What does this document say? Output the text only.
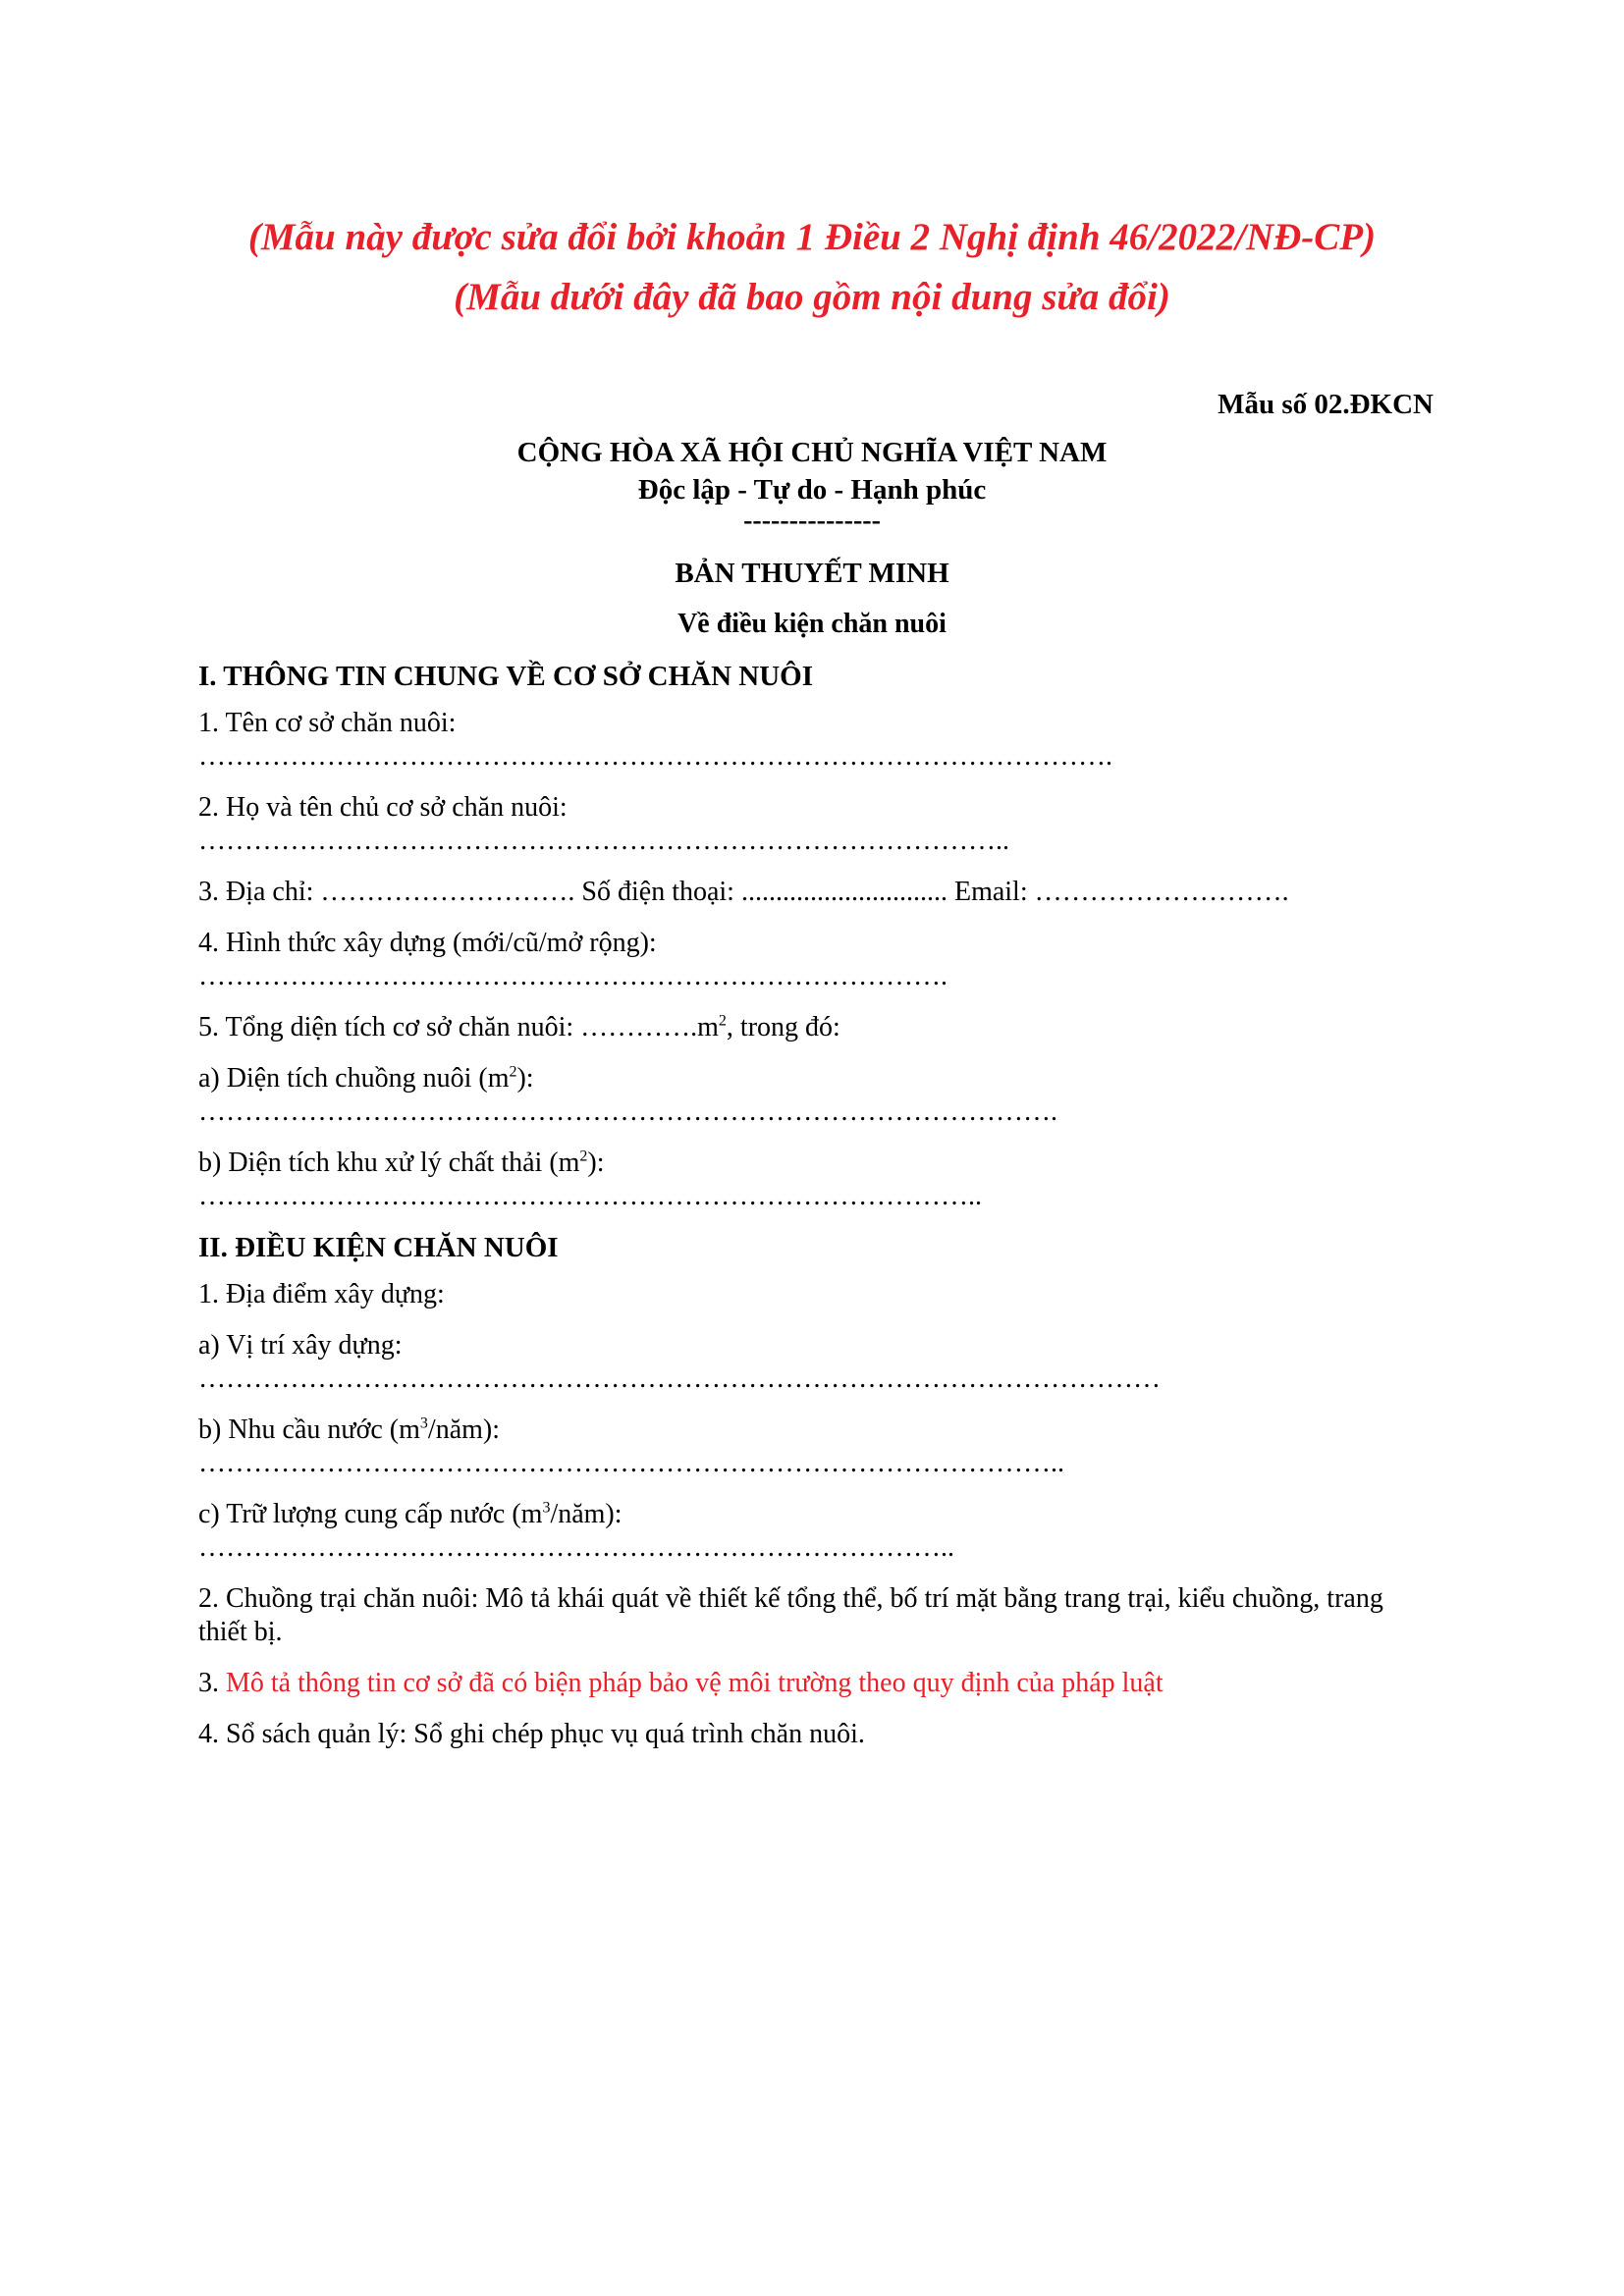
(Mẫu này được sửa đổi bởi khoản 1 Điều 2 Nghị định 46/2022/NĐ-CP)
(Mẫu dưới đây đã bao gồm nội dung sửa đổi)
Mẫu số 02.ĐKCN
CỘNG HÒA XÃ HỘI CHỦ NGHĨA VIỆT NAM
Độc lập - Tự do - Hạnh phúc
---------------
BẢN THUYẾT MINH
Về điều kiện chăn nuôi
I. THÔNG TIN CHUNG VỀ CƠ SỞ CHĂN NUÔI
1. Tên cơ sở chăn nuôi:
……………………………………………………………………………………….
2. Họ và tên chủ cơ sở chăn nuôi:
……………………………………………………………………………..
3. Địa chỉ: ………………………. Số điện thoại: .............................. Email: ……………………….
4. Hình thức xây dựng (mới/cũ/mở rộng):
……………………………………………………………………….
5. Tổng diện tích cơ sở chăn nuôi: $\dots\dots\dots\dots.m^2$, trong đó:
a) Diện tích chuồng nuôi $(m^2)$:
………………………………………………………………………………….
b) Diện tích khu xử lý chất thải $(m^2)$:
…………………………………………………………………………..
II. ĐIỀU KIỆN CHĂN NUÔI
1. Địa điểm xây dựng:
a) Vị trí xây dựng:
……………………………………………………………………………………………
b) Nhu cầu nước $(m^3/năm)$:
…………………………………………………………………………………..
c) Trữ lượng cung cấp nước $(m^3/năm)$:
………………………………………………………………………..
2. Chuồng trại chăn nuôi: Mô tả khái quát về thiết kế tổng thể, bố trí mặt bằng trang trại, kiểu chuồng, trang thiết bị.
3. Mô tả thông tin cơ sở đã có biện pháp bảo vệ môi trường theo quy định của pháp luật
4. Sổ sách quản lý: Sổ ghi chép phục vụ quá trình chăn nuôi.
